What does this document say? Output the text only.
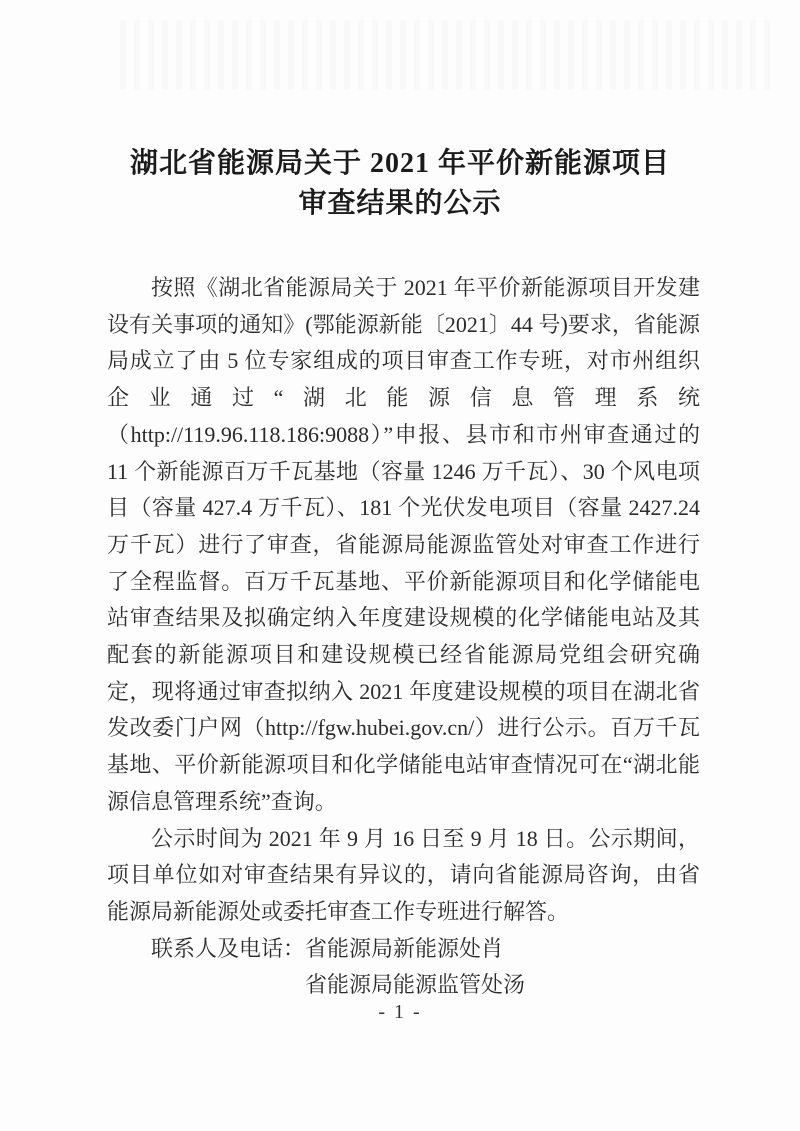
湖北省能源局关于 2021 年平价新能源项目
审查结果的公示

按照《湖北省能源局关于 2021 年平价新能源项目开发建设有关事项的通知》(鄂能源新能〔2021〕44 号)要求，省能源局成立了由 5 位专家组成的项目审查工作专班，对市州组织企业通过“湖北能源信息管理系统（http://119.96.118.186:9088）”申报、县市和市州审查通过的 11 个新能源百万千瓦基地（容量 1246 万千瓦）、30 个风电项目（容量 427.4 万千瓦）、181 个光伏发电项目（容量 2427.24 万千瓦）进行了审查，省能源局能源监管处对审查工作进行了全程监督。百万千瓦基地、平价新能源项目和化学储能电站审查结果及拟确定纳入年度建设规模的化学储能电站及其配套的新能源项目和建设规模已经省能源局党组会研究确定，现将通过审查拟纳入 2021 年度建设规模的项目在湖北省发改委门户网（http://fgw.hubei.gov.cn/）进行公示。百万千瓦基地、平价新能源项目和化学储能电站审查情况可在“湖北能源信息管理系统”查询。

公示时间为 2021 年 9 月 16 日至 9 月 18 日。公示期间，项目单位如对审查结果有异议的，请向省能源局咨询，由省能源局新能源处或委托审查工作专班进行解答。

联系人及电话：省能源局新能源处肖

省能源局能源监管处汤

- 1 -
